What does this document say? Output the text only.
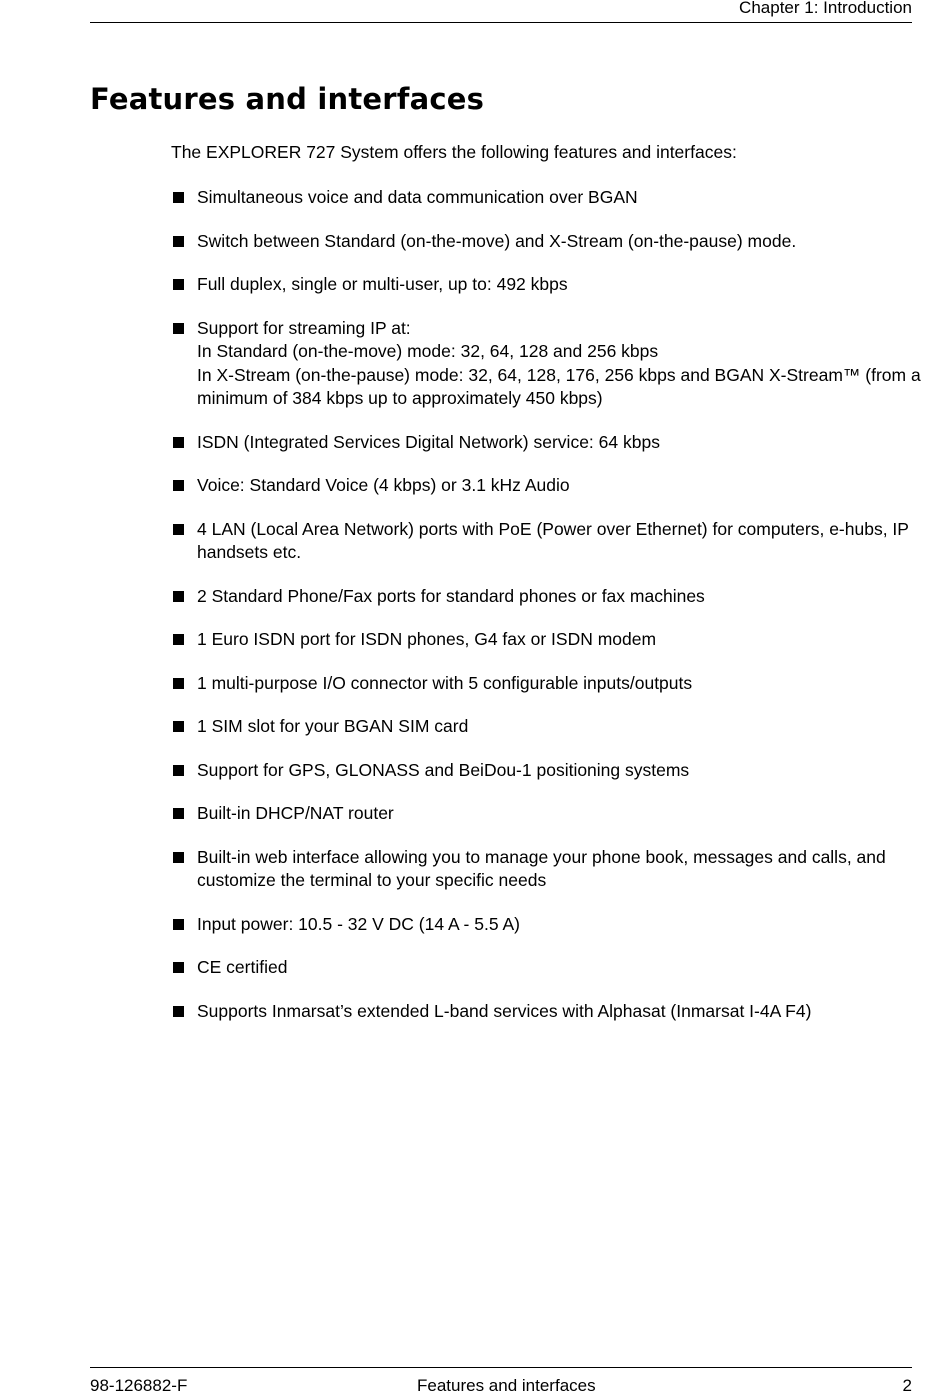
Chapter 1: Introduction
Features and interfaces

The EXPLORER 727 System offers the following features and interfaces:

Simultaneous voice and data communication over BGAN
Switch between Standard (on-the-move) and X-Stream (on-the-pause) mode.
Full duplex, single or multi-user, up to: 492 kbps
Support for streaming IP at:
In Standard (on-the-move) mode: 32, 64, 128 and 256 kbps
In X-Stream (on-the-pause) mode: 32, 64, 128, 176, 256 kbps and BGAN X-Stream™ (from a
minimum of 384 kbps up to approximately 450 kbps)
ISDN (Integrated Services Digital Network) service: 64 kbps
Voice: Standard Voice (4 kbps) or 3.1 kHz Audio
4 LAN (Local Area Network) ports with PoE (Power over Ethernet) for computers, e-hubs, IP
handsets etc.
2 Standard Phone/Fax ports for standard phones or fax machines
1 Euro ISDN port for ISDN phones, G4 fax or ISDN modem
1 multi-purpose I/O connector with 5 configurable inputs/outputs
1 SIM slot for your BGAN SIM card
Support for GPS, GLONASS and BeiDou-1 positioning systems
Built-in DHCP/NAT router
Built-in web interface allowing you to manage your phone book, messages and calls, and
customize the terminal to your specific needs
Input power: 10.5 - 32 V DC (14 A - 5.5 A)
CE certified
Supports Inmarsat’s extended L-band services with Alphasat (Inmarsat I-4A F4)
98-126882-F	Features and interfaces	2
